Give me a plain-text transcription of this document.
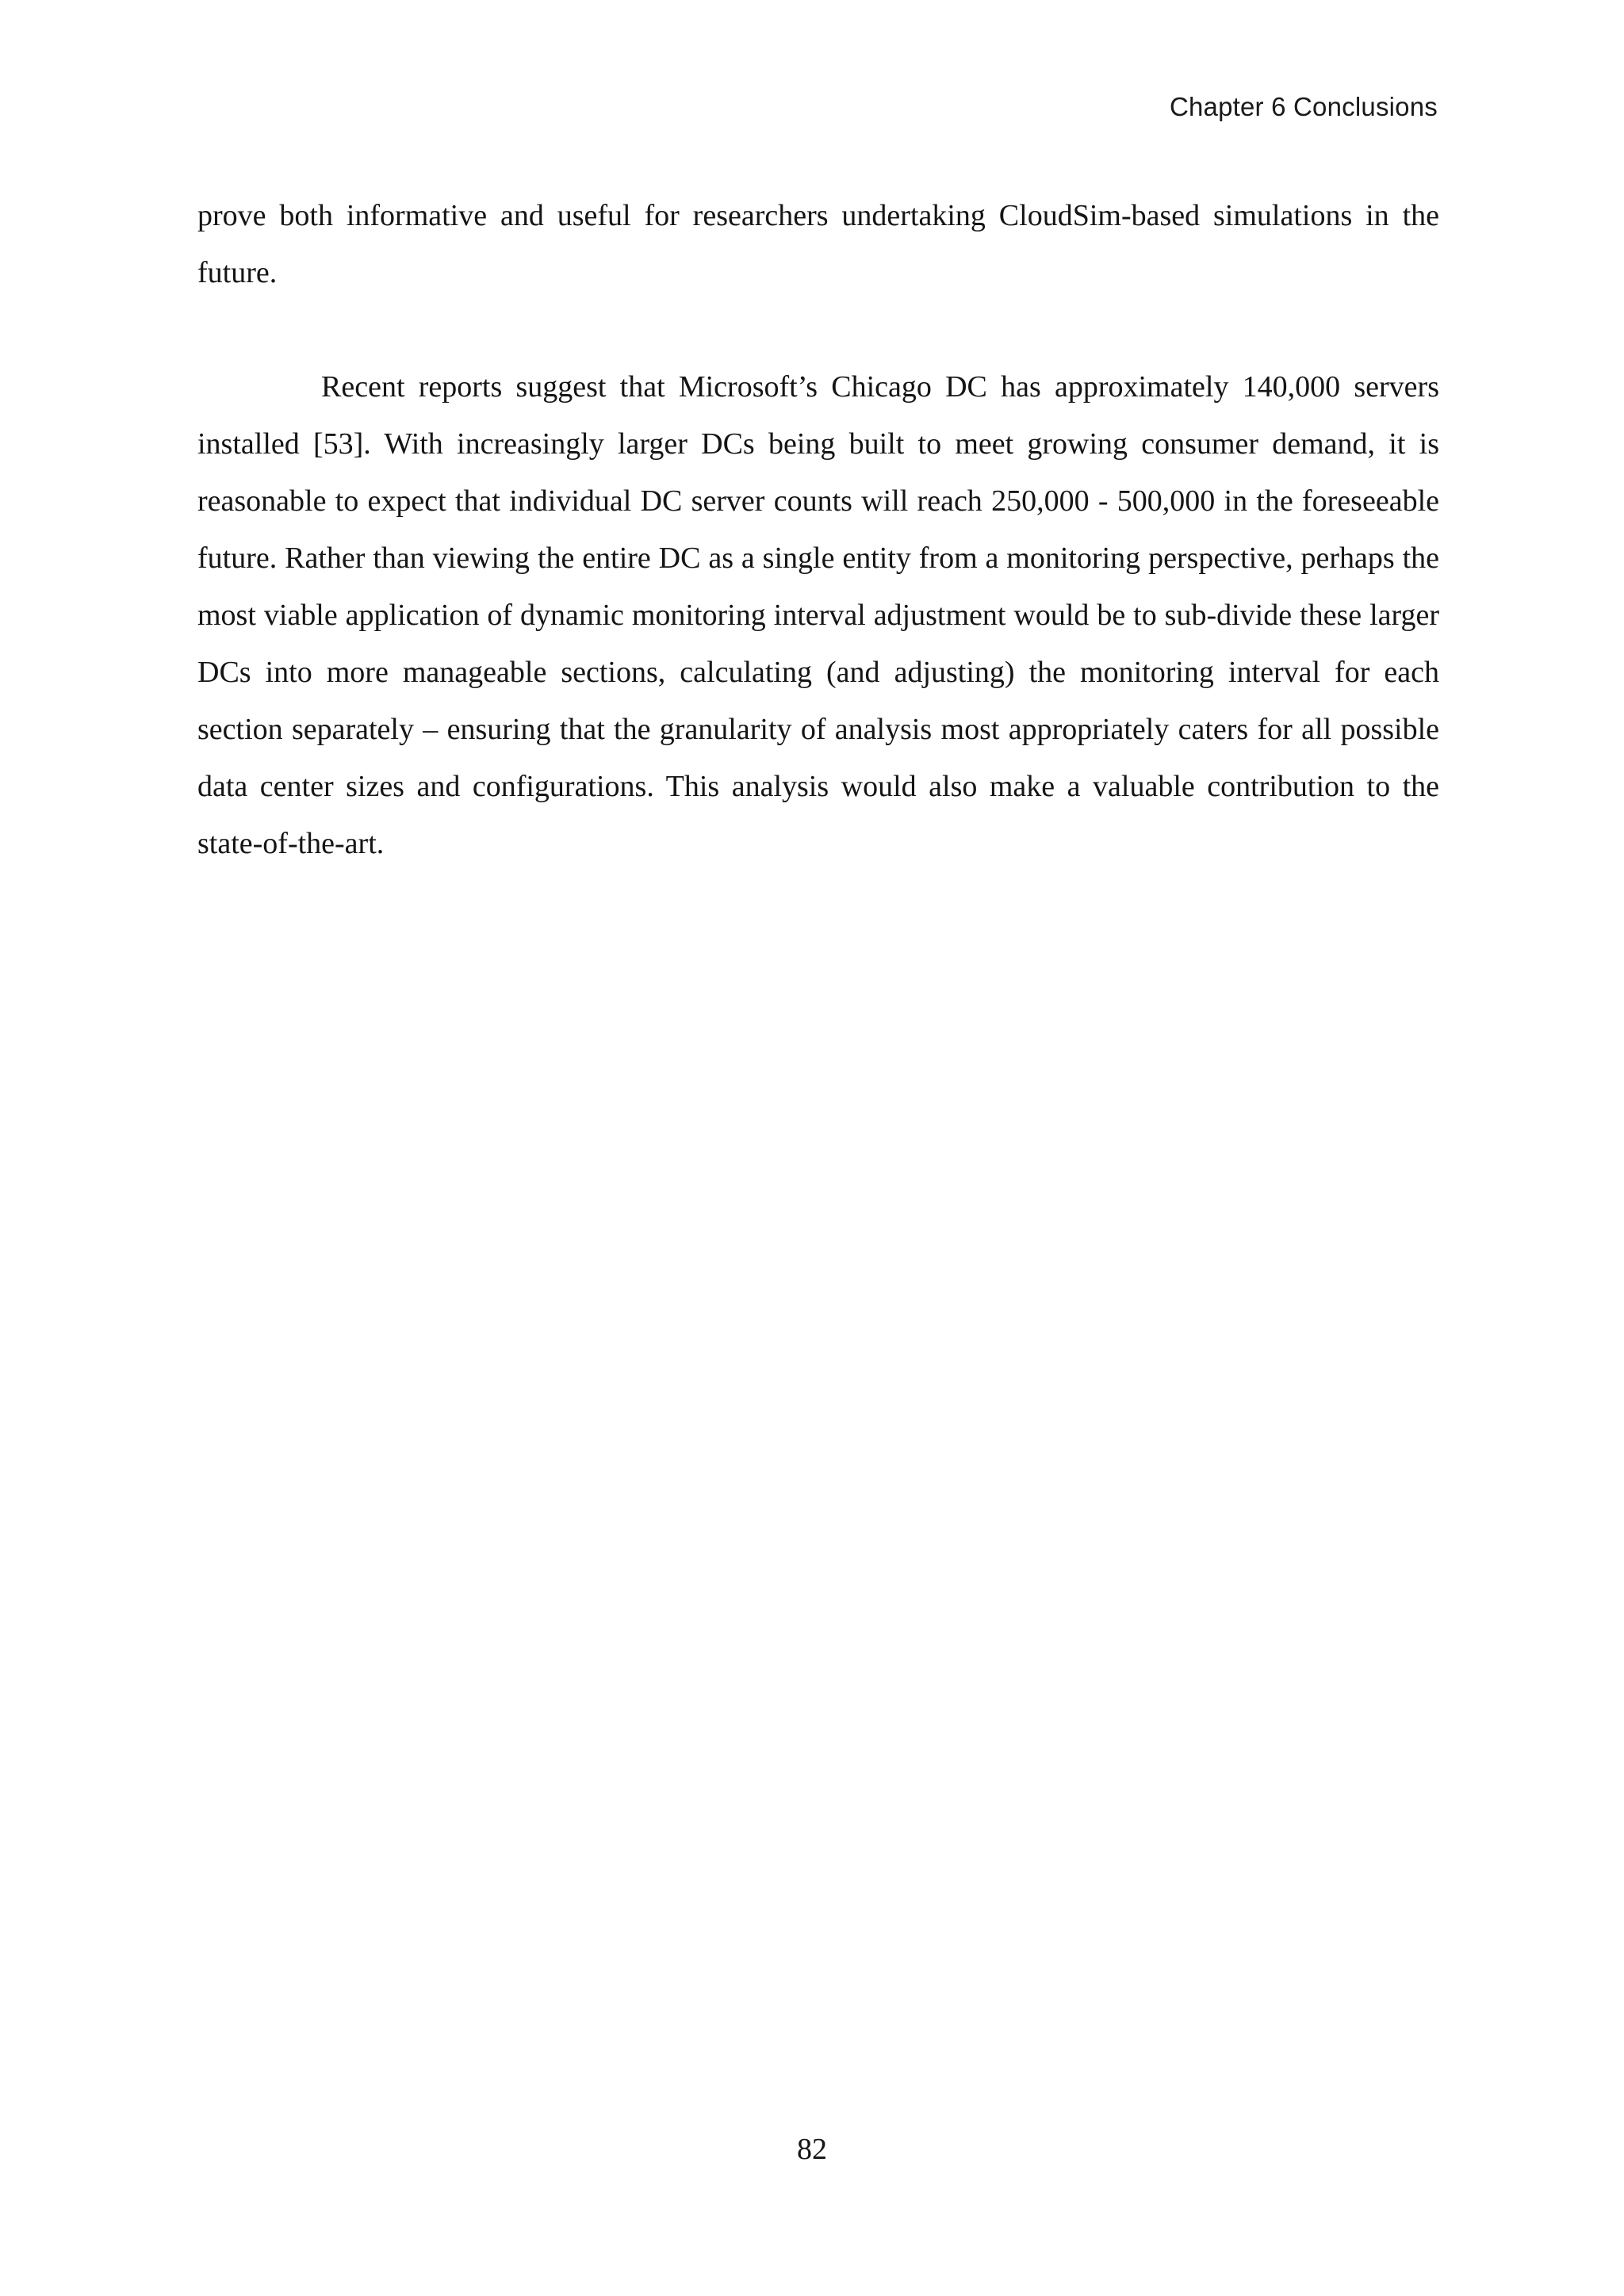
Chapter 6 Conclusions

prove both informative and useful for researchers undertaking CloudSim-based simulations in the future.

Recent reports suggest that Microsoft’s Chicago DC has approximately 140,000 servers installed [53]. With increasingly larger DCs being built to meet growing consumer demand, it is reasonable to expect that individual DC server counts will reach 250,000 - 500,000 in the foreseeable future. Rather than viewing the entire DC as a single entity from a monitoring perspective, perhaps the most viable application of dynamic monitoring interval adjustment would be to sub-divide these larger DCs into more manageable sections, calculating (and adjusting) the monitoring interval for each section separately – ensuring that the granularity of analysis most appropriately caters for all possible data center sizes and configurations. This analysis would also make a valuable contribution to the state-of-the-art.

82
